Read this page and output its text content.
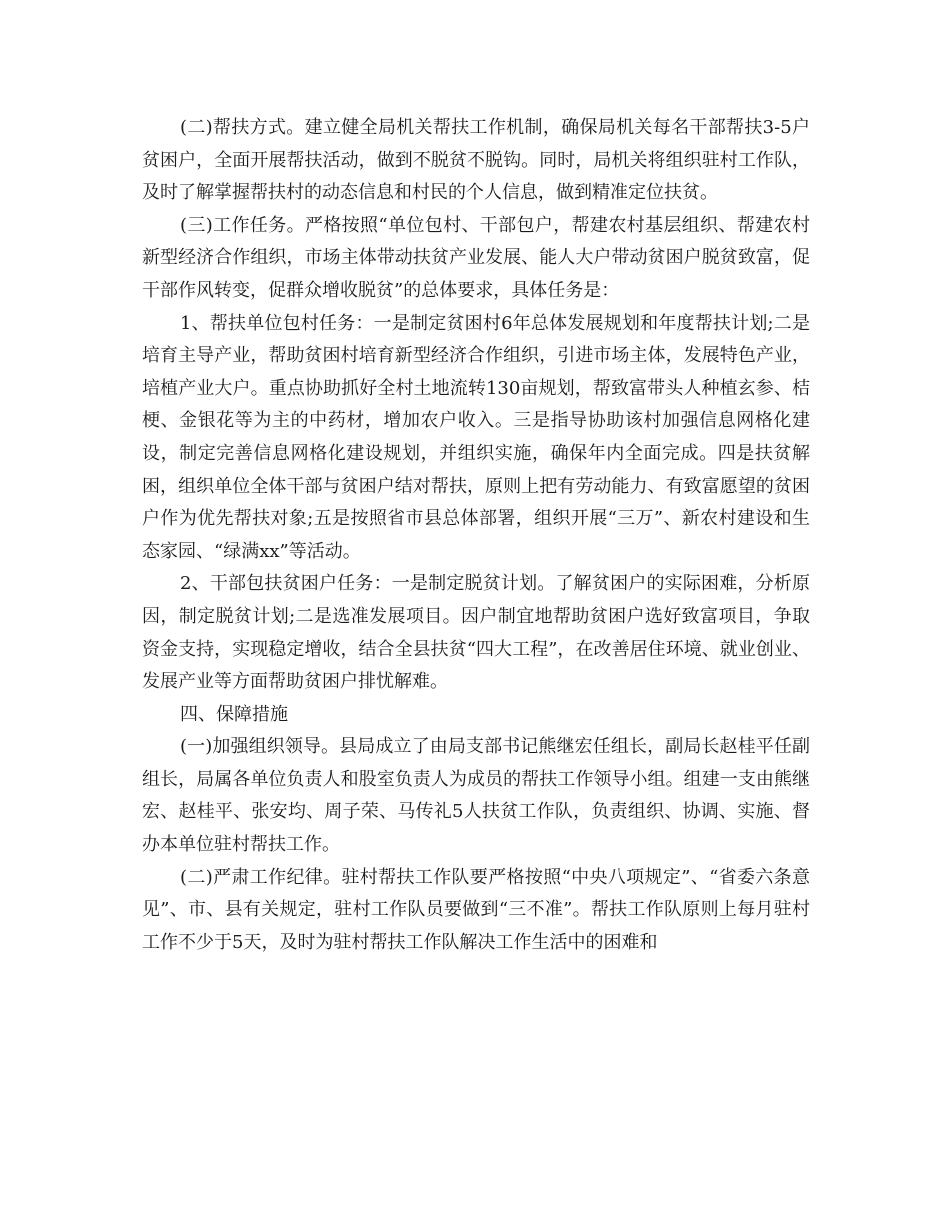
(二)帮扶方式。建立健全局机关帮扶工作机制，确保局机关每名干部帮扶3-5户贫困户，全面开展帮扶活动，做到不脱贫不脱钩。同时，局机关将组织驻村工作队，及时了解掌握帮扶村的动态信息和村民的个人信息，做到精准定位扶贫。

(三)工作任务。严格按照“单位包村、干部包户，帮建农村基层组织、帮建农村新型经济合作组织，市场主体带动扶贫产业发展、能人大户带动贫困户脱贫致富，促干部作风转变，促群众增收脱贫”的总体要求，具体任务是：

1、帮扶单位包村任务：一是制定贫困村6年总体发展规划和年度帮扶计划;二是培育主导产业，帮助贫困村培育新型经济合作组织，引进市场主体，发展特色产业，培植产业大户。重点协助抓好全村土地流转130亩规划，帮致富带头人种植玄参、桔梗、金银花等为主的中药材，增加农户收入。三是指导协助该村加强信息网格化建设，制定完善信息网格化建设规划，并组织实施，确保年内全面完成。四是扶贫解困，组织单位全体干部与贫困户结对帮扶，原则上把有劳动能力、有致富愿望的贫困户作为优先帮扶对象;五是按照省市县总体部署，组织开展“三万”、新农村建设和生态家园、“绿满xx”等活动。

2、干部包扶贫困户任务：一是制定脱贫计划。了解贫困户的实际困难，分析原因，制定脱贫计划;二是选准发展项目。因户制宜地帮助贫困户选好致富项目，争取资金支持，实现稳定增收，结合全县扶贫“四大工程”，在改善居住环境、就业创业、发展产业等方面帮助贫困户排忧解难。

四、保障措施

(一)加强组织领导。县局成立了由局支部书记熊继宏任组长，副局长赵桂平任副组长，局属各单位负责人和股室负责人为成员的帮扶工作领导小组。组建一支由熊继宏、赵桂平、张安均、周子荣、马传礼5人扶贫工作队，负责组织、协调、实施、督办本单位驻村帮扶工作。

(二)严肃工作纪律。驻村帮扶工作队要严格按照“中央八项规定”、“省委六条意见”、市、县有关规定，驻村工作队员要做到“三不准”。帮扶工作队原则上每月驻村工作不少于5天，及时为驻村帮扶工作队解决工作生活中的困难和
